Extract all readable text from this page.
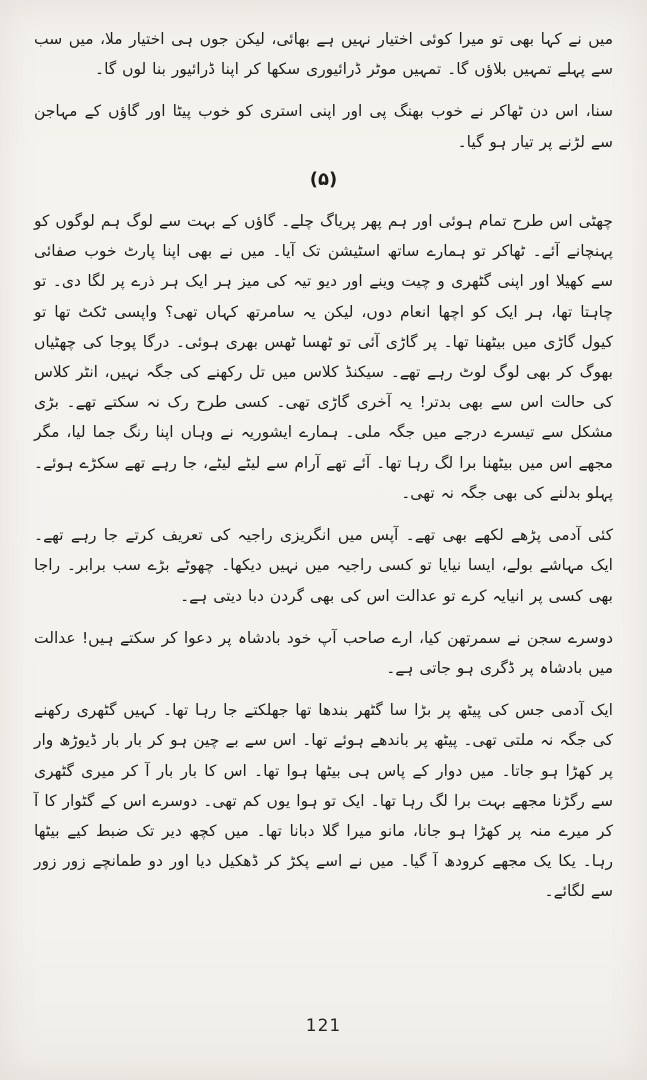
میں نے کہا بھی تو میرا کوئی اختیار نہیں ہے بھائی، لیکن جوں ہی اختیار ملا، میں سب سے پہلے تمہیں بلاؤں گا۔ تمہیں موٹر ڈرائیوری سکھا کر اپنا ڈرائیور بنا لوں گا۔

سنا، اس دن ٹھاکر نے خوب بھنگ پی اور اپنی استری کو خوب پیٹا اور گاؤں کے مہاجن سے لڑنے پر تیار ہو گیا۔

(۵)

چھٹی اس طرح تمام ہوئی اور ہم پھر پریاگ چلے۔ گاؤں کے بہت سے لوگ ہم لوگوں کو پہنچانے آئے۔ ٹھاکر تو ہمارے ساتھ اسٹیشن تک آیا۔ میں نے بھی اپنا پارٹ خوب صفائی سے کھیلا اور اپنی گٹھری و چیت وینے اور دیو تیہ کی میز ہر ایک ہر ذرے پر لگا دی۔ تو چاہتا تھا، ہر ایک کو اچھا انعام دوں، لیکن یہ سامرتھ کہاں تھی؟ واپسی ٹکٹ تھا تو کیول گاڑی میں بیٹھنا تھا۔ پر گاڑی آئی تو ٹھسا ٹھس بھری ہوئی۔ درگا پوجا کی چھٹیاں بھوگ کر بھی لوگ لوٹ رہے تھے۔ سیکنڈ کلاس میں تل رکھنے کی جگہ نہیں، انٹر کلاس کی حالت اس سے بھی بدتر! یہ آخری گاڑی تھی۔ کسی طرح رک نہ سکتے تھے۔ بڑی مشکل سے تیسرے درجے میں جگہ ملی۔ ہمارے ایشوریہ نے وہاں اپنا رنگ جما لیا، مگر مجھے اس میں بیٹھنا برا لگ رہا تھا۔ آئے تھے آرام سے لیٹے لیٹے، جا رہے تھے سکڑے ہوئے۔ پہلو بدلنے کی بھی جگہ نہ تھی۔

کئی آدمی پڑھے لکھے بھی تھے۔ آپس میں انگریزی راجیہ کی تعریف کرتے جا رہے تھے۔ ایک مہاشے بولے، ایسا نیایا تو کسی راجیہ میں نہیں دیکھا۔ چھوٹے بڑے سب برابر۔ راجا بھی کسی پر انیایہ کرے تو عدالت اس کی بھی گردن دبا دیتی ہے۔

دوسرے سجن نے سمرتھن کیا، ارے صاحب آپ خود بادشاہ پر دعوا کر سکتے ہیں! عدالت میں بادشاہ پر ڈگری ہو جاتی ہے۔

ایک آدمی جس کی پیٹھ پر بڑا سا گٹھر بندھا تھا جھلکتے جا رہا تھا۔ کہیں گٹھری رکھنے کی جگہ نہ ملتی تھی۔ پیٹھ پر باندھے ہوئے تھا۔ اس سے بے چین ہو کر بار بار ڈیوڑھ وار پر کھڑا ہو جاتا۔ میں دوار کے پاس ہی بیٹھا ہوا تھا۔ اس کا بار بار آ کر میری گٹھری سے رگڑنا مجھے بہت برا لگ رہا تھا۔ ایک تو ہوا یوں کم تھی۔ دوسرے اس کے گٹوار کا آ کر میرے منہ پر کھڑا ہو جانا، مانو میرا گلا دبانا تھا۔ میں کچھ دیر تک ضبط کیے بیٹھا رہا۔ یکا یک مجھے کرودھ آ گیا۔ میں نے اسے پکڑ کر ڈھکیل دیا اور دو طمانچے زور زور سے لگائے۔

121
